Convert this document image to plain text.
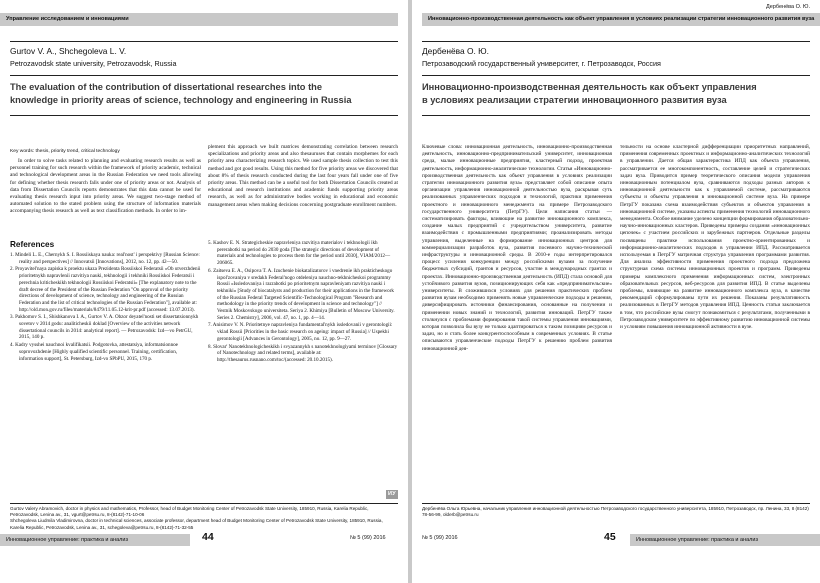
Управление исследованием и инновациями
Gurtov V. A., Shchegoleva L. V.
Petrozavodsk state university, Petrozavodsk, Russia
The evaluation of the contribution of dissertational researches into the
knowledge in priority areas of science, technology and engineering in Russia
Key words: thesis, priority trend, critical technology

In order to solve tasks related to planning and evaluating research results as well as personnel training for such research within the framework of priority academic, technical and technological development areas in the Russian Federation we need tools allowing for defining whether thesis research falls under one of priority areas or not. Analysis of data from Dissertation Councils reports demonstrates that this data cannot be used for evaluating thesis research input into priority areas. We suggest two-stage method of automated solution to the stated problem using the structure of information materials accompanying thesis research as well as text classification methods. In order to im-

plement this approach we built matrices demonstrating correlation between research specializations and priority areas and also thesauruses that contain morphemes for each priority area characterizing research topics. We used sample thesis collection to test this method and got good results. Using this method for five priority areas we discovered that about 8% of thesis research conducted during the last four years fall under one of five priority areas. This method can be a useful tool for both Dissertation Councils created at educational and research institutions and academic funds supporting priority areas research, as well as for administrative bodies working in educational and economic management areas when making decisions concerning postgraduate enrollment numbers.

References
1. Mindeli L. E., Chernykh S. I. Rossiiskaya nauka: real'nost' i perspektivy [Russian Science: reality and perspectives] // Innovatsii [Innovations], 2012, no. 12, pp. 42—50.
2. Proyavitel'naya zapiska k proektu ukaza Prezidenta Rossiiskoi Federatsii «Ob utverzhdenii prioritetnykh napravlenii razvitiya nauki, tekhnologii i tekhniki Rossiiskoi Federatsii i perechnia kriticheskikh tekhnologii Rossiiskoi Federatsii» [The explanatory note to the draft decree of the President of the Russian Federation "On approval of the priority directions of development of science, technology and engineering of the Russian Federation and the list of critical technologies of the Russian Federation"], available at: http://old.mon.gov.ru/files/materials/8479/11.05.12-krit-pr.pdf (accessed: 13.07.2013).
3. Pakhomov S. I., Shishkanova I. A., Gurtov V. A. Obzor deyatel'nosti set dissertatsionnykh sovetov v 2014 godu: analiticheskii doklad [Overview of the activities network dissertational councils in 2014: analytical report]. — Petrozavodsk: Izd—vo PetrGU, 2015, 140 p.
4. Kadry vysshei nauchnoi kvalifikatsii. Podgotovka, attestatsiya, informatsionnoe soprovozhdenie [Highly qualified scientific personnel. Training, certification, information support], St. Petersburg, Izd-vo SPbPU, 2015, 170 p.
5. Kashov E. N. Strategicheskie napravleniya razvitiya materialov i tekhnologii ikh pererabotki na period do 2030 goda [The strategic directions of development of materials and technologies to process them for the period until 2030], VIAM/2012—206065.
6. Zaitseva E. A., Osipova T. A. Izuchenie biokatalizatorov i vnedrenie ikh prakticheskogo ispol'zovaniya v sredakh Federal'nogo otdeleniya nauchno-tekhnicheskoi programmy Rossii «Issledovaniya i razrabotki po prioritetnym napravleniyam razvitiya nauki i tekhniki» [Study of biocatalysts and production for their applications in the framework of the Russian Federal Targeted Scientific-Technological Program "Research and methodology in the priority trends of development in science and technology"] // Vestnik Moskovskogo universiteta. Seriya 2. Khimiya [Bulletin of Moscow University. Series 2. Chemistry], 2006, vol. 47, no. 1, pp. 4—14.
7. Anisimov V. N. Prioritetnye napravleniya fundamental'nykh issledovanii v gerontologii: vklad Rossii [Priorities in the basic research on ageing: impact of Russia] // Uspekhi gerontologii [Advances in Gerontology], 2005, no. 12, pp. 9—27.
8. Slovar' Nanotekhnologicheskikh i svyazannykh s nanotekhnologiyami terminov [Glossary of Nanotechnology and related terms], available at: http://thesaurus.rusnano.com/toc/(accessed: 20.10.2015).
ИУ
Gurtov Valery Abramovich, doctor in physics and mathematics, Professor, head of Budget Monitoring Center of Petrozavodsk State University, 185910, Russia, Karelia Republic, Petrozavodsk, Lenina av., 31, vgurt@petrsu.ru, 8-(8142)-71-10-06
Shchegoleva Liudmila Vladimirovna, doctor in technical sciences, associate professor, department head of Budget Monitoring Center of Petrozavodsk State University, 185910, Russia, Karelia Republic, Petrozavodsk, Lenina av., 31, schegoleva@petrsu.ru, 8-(8142)-71-32-55
Инновационное управление: практика и анализ	44	№ 5 (99) 2016
Дербенёва О. Ю.
Инновационно-производственная деятельность как объект управления в условиях реализации стратегии инновационного развития вуза
Дербенёва О. Ю.
Петрозаводский государственный университет, г. Петрозаводск, Россия
Инновационно-производственная деятельность как объект управления
в условиях реализации стратегии инновационного развития вуза

Ключевые слова: инновационная деятельность, инновационно-производственная деятельность, инновационно-предпринимательский университет, инновационная среда, малые инновационные предприятия, кластерный подход, проектная деятельность, информационно-аналитические технологии. Статья «Инновационно-производственная деятельность как объект управления в условиях реализации стратегии инновационного развития вуза» представляет собой описание опыта организации управления инновационной деятельностью вуза, раскрывая суть реализованных управленческих подходов и технологий, практики применения проектного и инновационного менеджмента на примере Петрозаводского государственного университета (ПетрГУ). Цели написания статьи — систематизировать факторы, влияющие на развитие инновационного комплекса, создание малых предприятий с учредительством университета, развитие взаимодействия с промышленными предприятиями; проанализировать методы управления, выделенные на формирование инновационных центров для коммерциализации разработок вуза, развития посевного научно-технической инфраструктуры и инновационной среды. В 2010-е годы интерпретировался процесс усиления конкуренции между российскими вузами за получение бюджетных субсидий, грантов и ресурсов, участие в международных грантах и проектах. Инновационно-производственная деятельность (ИПД) стала основой для устойчивого развития вузов, позиционирующих себя как «предпринимательские» университеты. В сложившихся условиях для решения практических проблем развития вузам необходимо применять новые управленческие подходы и решения, диверсифицировать источники финансирования, основанные на получении и применении новых знаний и технологий, развития инноваций. ПетрГУ также столкнулся с проблемами формирования такой системы управления инновациями, которая позволила бы вузу не только адаптироваться к таким позициям ресурсов и задач, но и стать более конкурентоспособным в современных условиях. В статье описываются управленческие подходы ПетрГУ к решению проблем развития инновационной дея-

тельности на основе кластерной дифференциации приоритетных направлений, применения современных проектных и информационно-аналитических технологий в управлении. Дается общая характеристика ИПД как объекта управления, рассматривается ее многокомпонентность, составление целей и стратегических задач вуза. Приводится пример теоретического описания модели управления инновационным потенциалом вуза, сравниваются подходы разных авторов к инновационной деятельности как к управляемой системе, рассматриваются субъекты и объекты управления в инновационной системе вуза. На примере ПетрГУ показана схема взаимодействия субъектов и объектов управления в инновационной системе, указаны аспекты применения технологий инновационного менеджмента. Особое внимание уделено концепции формирования образовательно-научно-инновационных кластеров. Приведены примеры создания «инновационных цепочек» с участием российских и зарубежных партнеров. Отдельные разделы посвящены практике использования проектно-ориентированных и информационно-аналитических подходов в управлении ИПД. Рассматривается используемая в ПетрГУ матричная структура управления программами развития. Для анализа эффективности применения проектного подхода предложена структурная схема системы инновационных проектов и программ. Приведены примеры комплексного применения информационных систем, электронных образовательных ресурсов, веб-ресурсов для развития ИПД. В статье выделены проблемы, влияющие на развитие инновационного комплекса вуза, в качестве рекомендаций сформулированы пути их решения. Показаны результативность реализованных в ПетрГУ методов управления ИПД. Ценность статьи заключается в том, что российские вузы смогут познакомиться с результатами, полученными в Петрозаводском университете по эффективному развитию инновационной системы и условиям повышения инновационной активности в вузе.

Дербенёва Ольга Юрьевна, начальник управления инновационной деятельностью Петрозаводского государственного университета, 185910, Петрозаводск, пр. Ленина, 33, 8 (8142) 78-56-99, olderb@petrsu.ru
№ 5 (99) 2016	45	Инновационное управление: практика и анализ
